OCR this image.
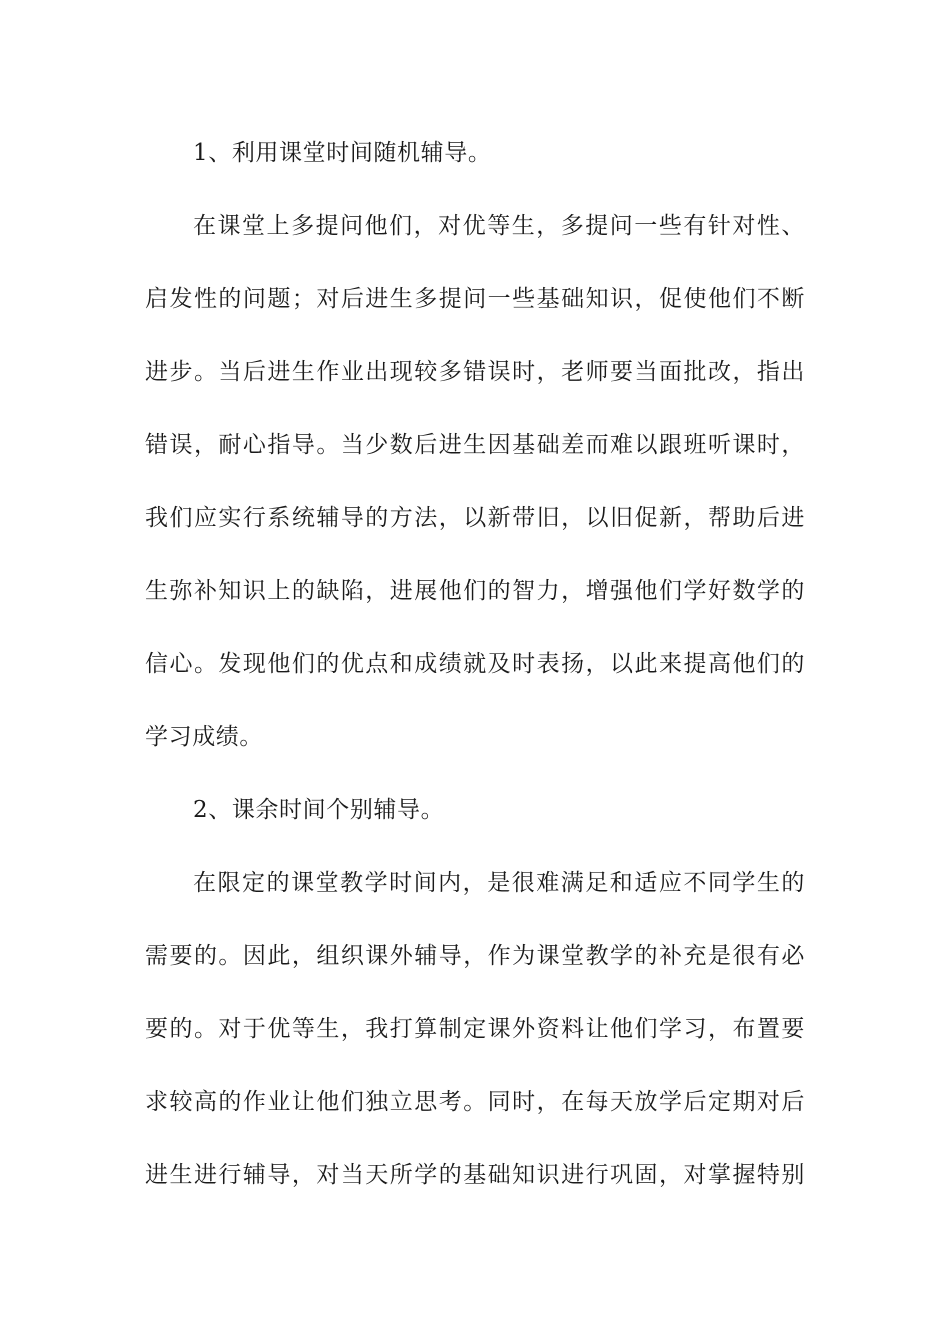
1、利用课堂时间随机辅导。
在课堂上多提问他们，对优等生，多提问一些有针对性、
启发性的问题；对后进生多提问一些基础知识，促使他们不断
进步。当后进生作业出现较多错误时，老师要当面批改，指出
错误，耐心指导。当少数后进生因基础差而难以跟班听课时，
我们应实行系统辅导的方法，以新带旧，以旧促新，帮助后进
生弥补知识上的缺陷，进展他们的智力，增强他们学好数学的
信心。发现他们的优点和成绩就及时表扬，以此来提高他们的
学习成绩。
2、课余时间个别辅导。
在限定的课堂教学时间内，是很难满足和适应不同学生的
需要的。因此，组织课外辅导，作为课堂教学的补充是很有必
要的。对于优等生，我打算制定课外资料让他们学习，布置要
求较高的作业让他们独立思考。同时，在每天放学后定期对后
进生进行辅导，对当天所学的基础知识进行巩固，对掌握特别
